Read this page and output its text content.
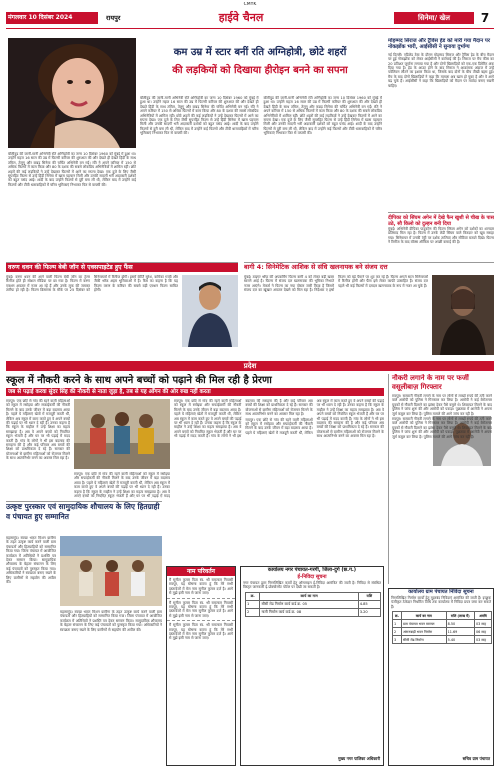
CMYK
मंगलवार 10 दिसंबर 2024	रायपुर	हाईवे चैनल	सिनेमा/ खेल	7
कम उम्र में स्टार बनीं रति अग्निहोत्री, छोटे शहरों
की लड़कियों को दिखाया हीरोइन बनने का सपना

बॉलीवुड की जानी-मानी अभिनेत्री रति अग्निहोत्री का जन्म 10 दिसंबर 1960 को मुंबई में हुआ था। उन्होंने महज 16 साल की उम्र में फिल्मी करियर की शुरुआत की और देखते ही देखते हिंदी के साथ तमिल, तेलुगु और कन्नड़ सिनेमा की चर्चित अभिनेत्री बन गईं। रति ने अपने करियर में 150 से अधिक फिल्मों में काम किया और 80 के दशक की सबसे लोकप्रिय अभिनेत्रियों में शामिल रहीं। छोटे शहरों की कई लड़कियों ने उन्हें देखकर फिल्मों में आने का सपना देखा। एक दूजे के लिए जैसी सुपरहिट फिल्म से उन्हें हिंदी सिनेमा में खास पहचान मिली और उनकी सादगी भरी अदाकारी दर्शकों को बहुत पसंद आई। शादी के बाद उन्होंने फिल्मों से दूरी बना ली थी, लेकिन बाद में उन्होंने कई फिल्मों और टीवी धारावाहिकों में चरित्र भूमिकाएं निभाकर फिर से वापसी की।

बॉलीवुड की जानी-मानी अभिनेत्री रति अग्निहोत्री का जन्म 10 दिसंबर 1960 को मुंबई में हुआ था। उन्होंने महज 16 साल की उम्र में फिल्मी करियर की शुरुआत की और देखते ही देखते हिंदी के साथ तमिल, तेलुगु और कन्नड़ सिनेमा की चर्चित अभिनेत्री बन गईं। रति ने अपने करियर में 150 से अधिक फिल्मों में काम किया और 80 के दशक की सबसे लोकप्रिय अभिनेत्रियों में शामिल रहीं। छोटे शहरों की कई लड़कियों ने उन्हें देखकर फिल्मों में आने का सपना देखा। एक दूजे के लिए जैसी सुपरहिट फिल्म से उन्हें हिंदी सिनेमा में खास पहचान मिली और उनकी सादगी भरी अदाकारी दर्शकों को बहुत पसंद आई। शादी के बाद उन्होंने फिल्मों से दूरी बना ली थी, लेकिन बाद में उन्होंने कई फिल्मों और टीवी धारावाहिकों में चरित्र भूमिकाएं निभाकर फिर से वापसी की।

बॉलीवुड की जानी-मानी अभिनेत्री रति अग्निहोत्री का जन्म 10 दिसंबर 1960 को मुंबई में हुआ था। उन्होंने महज 16 साल की उम्र में फिल्मी करियर की शुरुआत की और देखते ही देखते हिंदी के साथ तमिल, तेलुगु और कन्नड़ सिनेमा की चर्चित अभिनेत्री बन गईं। रति ने अपने करियर में 150 से अधिक फिल्मों में काम किया और 80 के दशक की सबसे लोकप्रिय अभिनेत्रियों में शामिल रहीं। छोटे शहरों की कई लड़कियों ने उन्हें देखकर फिल्मों में आने का सपना देखा। एक दूजे के लिए जैसी सुपरहिट फिल्म से उन्हें हिंदी सिनेमा में खास पहचान मिली और उनकी सादगी भरी अदाकारी दर्शकों को बहुत पसंद आई। शादी के बाद उन्होंने फिल्मों से दूरी बना ली थी, लेकिन बाद में उन्होंने कई फिल्मों और टीवी धारावाहिकों में चरित्र भूमिकाएं निभाकर फिर से वापसी की।

मोहम्मद सिराज और ट्रैविस हेड को मारी गया मैदान पर नोकझोंक भारी, आईसीसी ने सुनाया दुर्भाग्य
नई दिल्ली। एडिलेड टेस्ट के दौरान मोहम्मद सिराज और ट्रैविस हेड के बीच मैदान पर हुई नोकझोंक को लेकर आईसीसी ने कार्रवाई की है। सिराज पर मैच फीस का 20 प्रतिशत जुर्माना लगाया गया है और दोनों खिलाड़ियों को एक-एक डिमेरिट अंक दिया गया है। हेड के आउट होने के बाद सिराज ने आक्रामक अंदाज में उन्हें पवेलियन लौटने का इशारा किया था, जिसके बाद दोनों के बीच तीखी बहस हुई। मैच के बाद दोनों खिलाड़ियों ने कहा कि मामला अब खत्म हो चुका है और वे आगे बढ़ चुके हैं। आईसीसी ने कहा कि खिलाड़ियों को मैदान पर मर्यादा बनाए रखनी चाहिए।
दीपिका को सिंघम अगेन में देखे फैन खुशी से चीख के पास उठे, सौ किलो को दुल्हन बनी दिया
मुंबई। अभिनेत्री दीपिका पादुकोण की फिल्म सिंघम अगेन को दर्शकों का शानदार प्रतिसाद मिल रहा है। फिल्म में उनके लेडी सिंघम वाले किरदार को खूब सराहा गया। सिनेमाघर में उनकी एंट्री पर दर्शक तालियां और सीटियां बजाते दिखे। फिल्म ने रिलीज के बाद बॉक्स ऑफिस पर अच्छी कमाई की है।
वरुण धवन की फिल्म बेबी जॉन से एक्सपाइटेड हुए फैंस
मुंबई। वरुण धवन की आने वाली फिल्म बेबी जॉन का ट्रेलर रिलीज होते ही सोशल मीडिया पर छा गया है। फिल्म में वरुण एक्शन अवतार में नजर आ रहे हैं और उनके लुक की जमकर तारीफ हो रही है। फिल्म क्रिसमस के मौके पर 25 दिसंबर को सिनेमाघरों में रिलीज होगी। इसमें कीर्ति सुरेश, वामिका गब्बी और जैकी श्रॉफ अहम भूमिकाओं में हैं। फैंस का कहना है कि यह फिल्म वरुण के करियर की सबसे बड़ी एक्शन फिल्म साबित होगी।
बागी 4: सिनेमेटिक आशिक से संधि खलनायक बने संजय दत्त
मुंबई। टाइगर श्रॉफ की अपकमिंग फिल्म बागी 4 को लेकर बड़ी खबर सामने आई है। फिल्म में संजय दत्त खलनायक की भूमिका निभाते नजर आएंगे। मेकर्स ने फिल्म का नया पोस्टर जारी किया है जिसमें संजय दत्त का खूंखार अवतार देखने को मिल रहा है। निर्देशक ए हर्षा फिल्म को बड़े पैमाने पर शूट कर रहे हैं। फिल्म अगले साल सिनेमाघरों में रिलीज होगी और फैंस इसे लेकर काफी उत्साहित हैं। संजय दत्त पहले भी कई फिल्मों में दमदार खलनायक के रूप में नजर आ चुके हैं।
प्रदेश
स्कूल में नौकरी करने के साथ अपने बच्चों को पढ़ाने की मिल रही है प्रेरणा
जब से पढ़ाई करवा सुंदर सिंह की नौकरी से नाता जुड़ा है, तब से यह आँगन की ओर रुख नहीं करता
रायपुर। एक छोटे से गांव की रहने वाली महिलाओं को स्कूल में रसोइया और सफाईकर्मी की नौकरी मिलने के बाद उनके जीवन में बड़ा बदलाव आया है। पहले ये महिलाएं खेतों में मजदूरी करती थीं, लेकिन अब स्कूल में काम करते हुए वे अपने बच्चों की पढ़ाई पर भी ध्यान दे रही हैं। उनका कहना है कि स्कूल के माहौल ने उन्हें शिक्षा का महत्व समझाया है। अब वे अपने बच्चों को नियमित स्कूल भेजती हैं और घर पर भी पढ़ाई में मदद करती हैं। गांव के लोगों ने भी इस बदलाव की सराहना की है और कई परिवार अब बच्चों की शिक्षा को प्राथमिकता दे रहे हैं। सरकार की योजनाओं से ग्रामीण महिलाओं को रोजगार मिलने के साथ आत्मनिर्भर बनने का अवसर मिल रहा है।
रायपुर। एक छोटे से गांव की रहने वाली महिलाओं को स्कूल में रसोइया और सफाईकर्मी की नौकरी मिलने के बाद उनके जीवन में बड़ा बदलाव आया है। पहले ये महिलाएं खेतों में मजदूरी करती थीं, लेकिन अब स्कूल में काम करते हुए वे अपने बच्चों की पढ़ाई पर भी ध्यान दे रही हैं। उनका कहना है कि स्कूल के माहौल ने उन्हें शिक्षा का महत्व समझाया है। अब वे अपने बच्चों को नियमित स्कूल भेजती हैं और घर पर भी पढ़ाई में मदद

रायपुर। एक छोटे से गांव की रहने वाली महिलाओं को स्कूल में रसोइया और सफाईकर्मी की नौकरी मिलने के बाद उनके जीवन में बड़ा बदलाव आया है। पहले ये महिलाएं खेतों में मजदूरी करती थीं, लेकिन अब स्कूल में काम करते हुए वे अपने बच्चों की पढ़ाई पर भी ध्यान दे रही हैं। उनका कहना है कि स्कूल के माहौल ने उन्हें शिक्षा का महत्व समझाया है। अब वे अपने बच्चों को नियमित स्कूल भेजती हैं और घर पर भी पढ़ाई में मदद करती हैं। गांव के लोगों ने भी इस बदलाव की सराहना की है और कई परिवार अब बच्चों की शिक्षा को प्राथमिकता दे रहे हैं। सरकार की योजनाओं से ग्रामीण महिलाओं को रोजगार मिलने के साथ आत्मनिर्भर बनने का अवसर मिल रहा है।

रायपुर। एक छोटे से गांव की रहने वाली महिलाओं को स्कूल में रसोइया और सफाईकर्मी की नौकरी मिलने के बाद उनके जीवन में बड़ा बदलाव आया है। पहले ये महिलाएं खेतों में मजदूरी करती थीं, लेकिन अब स्कूल में काम करते हुए वे अपने बच्चों की पढ़ाई पर भी ध्यान दे रही हैं। उनका कहना है कि स्कूल के माहौल ने उन्हें शिक्षा का महत्व समझाया है। अब वे अपने बच्चों को नियमित स्कूल भेजती हैं और घर पर भी पढ़ाई में मदद करती हैं। गांव के लोगों ने भी इस बदलाव की सराहना की है और कई परिवार अब बच्चों की शिक्षा को प्राथमिकता दे रहे हैं। सरकार की योजनाओं से ग्रामीण महिलाओं को रोजगार मिलने के साथ आत्मनिर्भर बनने का अवसर मिल रहा है।

नौकरी लगाने के नाम पर फर्जी वसूलीबाज़ गिरफ्तार

रायपुर। सरकारी नौकरी लगाने के नाम पर लोगों से लाखों रुपये की ठगी करने वाले आरोपी को पुलिस ने गिरफ्तार कर लिया है। आरोपी ने कई बेरोजगार युवकों से नौकरी दिलाने का झांसा देकर पैसे वसूले थे। शिकायत मिलने के बाद पुलिस ने जांच शुरू की और आरोपी को पकड़ा। पूछताछ में आरोपी ने अपना जुर्म कबूल कर लिया है। पुलिस मामले की आगे जांच कर रही है।

रायपुर। सरकारी नौकरी लगाने के नाम पर लोगों से लाखों रुपये की ठगी करने वाले आरोपी को पुलिस ने गिरफ्तार कर लिया है। आरोपी ने कई बेरोजगार युवकों से नौकरी दिलाने का झांसा देकर पैसे वसूले थे। शिकायत मिलने के बाद पुलिस ने जांच शुरू की और आरोपी को पकड़ा। पूछताछ में आरोपी ने अपना जुर्म कबूल कर लिया है। पुलिस मामले की आगे जांच कर रही है।

उत्कृष्ट पुरस्कार एवं सामुदायिक शौचालय के लिए हितग्राही व पंचायत हुए सम्मानित
महासमुंद। स्वच्छ भारत मिशन ग्रामीण के तहत उत्कृष्ट कार्य करने वाली ग्राम पंचायतों और हितग्राहियों को सम्मानित किया गया। जिला पंचायत में आयोजित कार्यक्रम में अतिथियों ने प्रशस्ति पत्र देकर सम्मान किया। सामुदायिक शौचालय के बेहतर संचालन के लिए कई पंचायतों को पुरस्कृत किया गया। अधिकारियों ने स्वच्छता बनाए रखने के लिए ग्रामीणों से सहयोग की अपील की।
महासमुंद। स्वच्छ भारत मिशन ग्रामीण के तहत उत्कृष्ट कार्य करने वाली ग्राम पंचायतों और हितग्राहियों को सम्मानित किया गया। जिला पंचायत में आयोजित कार्यक्रम में अतिथियों ने प्रशस्ति पत्र देकर सम्मान किया। सामुदायिक शौचालय के बेहतर संचालन के लिए कई पंचायतों को पुरस्कृत किया गया। अधिकारियों ने स्वच्छता बनाए रखने के लिए ग्रामीणों से सहयोग की अपील की।
नाम परिवर्तन
मैं सुनील कुमार पिता स्व. श्री रामलाल निवासी रायपुर, यह घोषणा करता हूं कि मेरे सभी दस्तावेजों में मेरा नाम सुनील कुमार दर्ज है। आगे से मुझे इसी नाम से जाना जाए।
मैं सुनील कुमार पिता स्व. श्री रामलाल निवासी रायपुर, यह घोषणा करता हूं कि मेरे सभी दस्तावेजों में मेरा नाम सुनील कुमार दर्ज है। आगे से मुझे इसी नाम से जाना जाए।
मैं सुनील कुमार पिता स्व. श्री रामलाल निवासी रायपुर, यह घोषणा करता हूं कि मेरे सभी दस्तावेजों में मेरा नाम सुनील कुमार दर्ज है। आगे से मुझे इसी नाम से जाना जाए।
कार्यालय नगर पंचायत-गरगी, जिला-दुर्ग (छ.ग.)
ई-निविदा सूचना
नगर पंचायत द्वारा निम्नलिखित कार्यों हेतु ऑनलाइन ई-निविदा आमंत्रित की जाती है। निविदा से संबंधित विस्तृत जानकारी ई-प्रोक्योरमेंट पोर्टल पर देखी जा सकती है।
क्र.	कार्य का नाम	राशि
1	सीसी रोड निर्माण कार्य वार्ड क्र. 05	4.85
2	नाली निर्माण कार्य वार्ड क्र. 08	3.20
मुख्य नगर पालिका अधिकारी
कार्यालय ग्राम पंचायत निविदा सूचना
निम्नलिखित निर्माण कार्यों हेतु मुहरबंद निविदाएं आमंत्रित की जाती हैं। इच्छुक पंजीकृत ठेकेदार निर्धारित तिथि तक कार्यालय में निविदा प्रपत्र जमा कर सकते हैं।
क्र.	कार्य का नाम	राशि (लाख में)	अवधि
1	ग्राम पंचायत भवन मरम्मत	8.50	03 माह
2	आंगनबाड़ी भवन निर्माण	11.69	06 माह
3	सीसी रोड निर्माण	5.40	03 माह
सचिव ग्राम पंचायत
